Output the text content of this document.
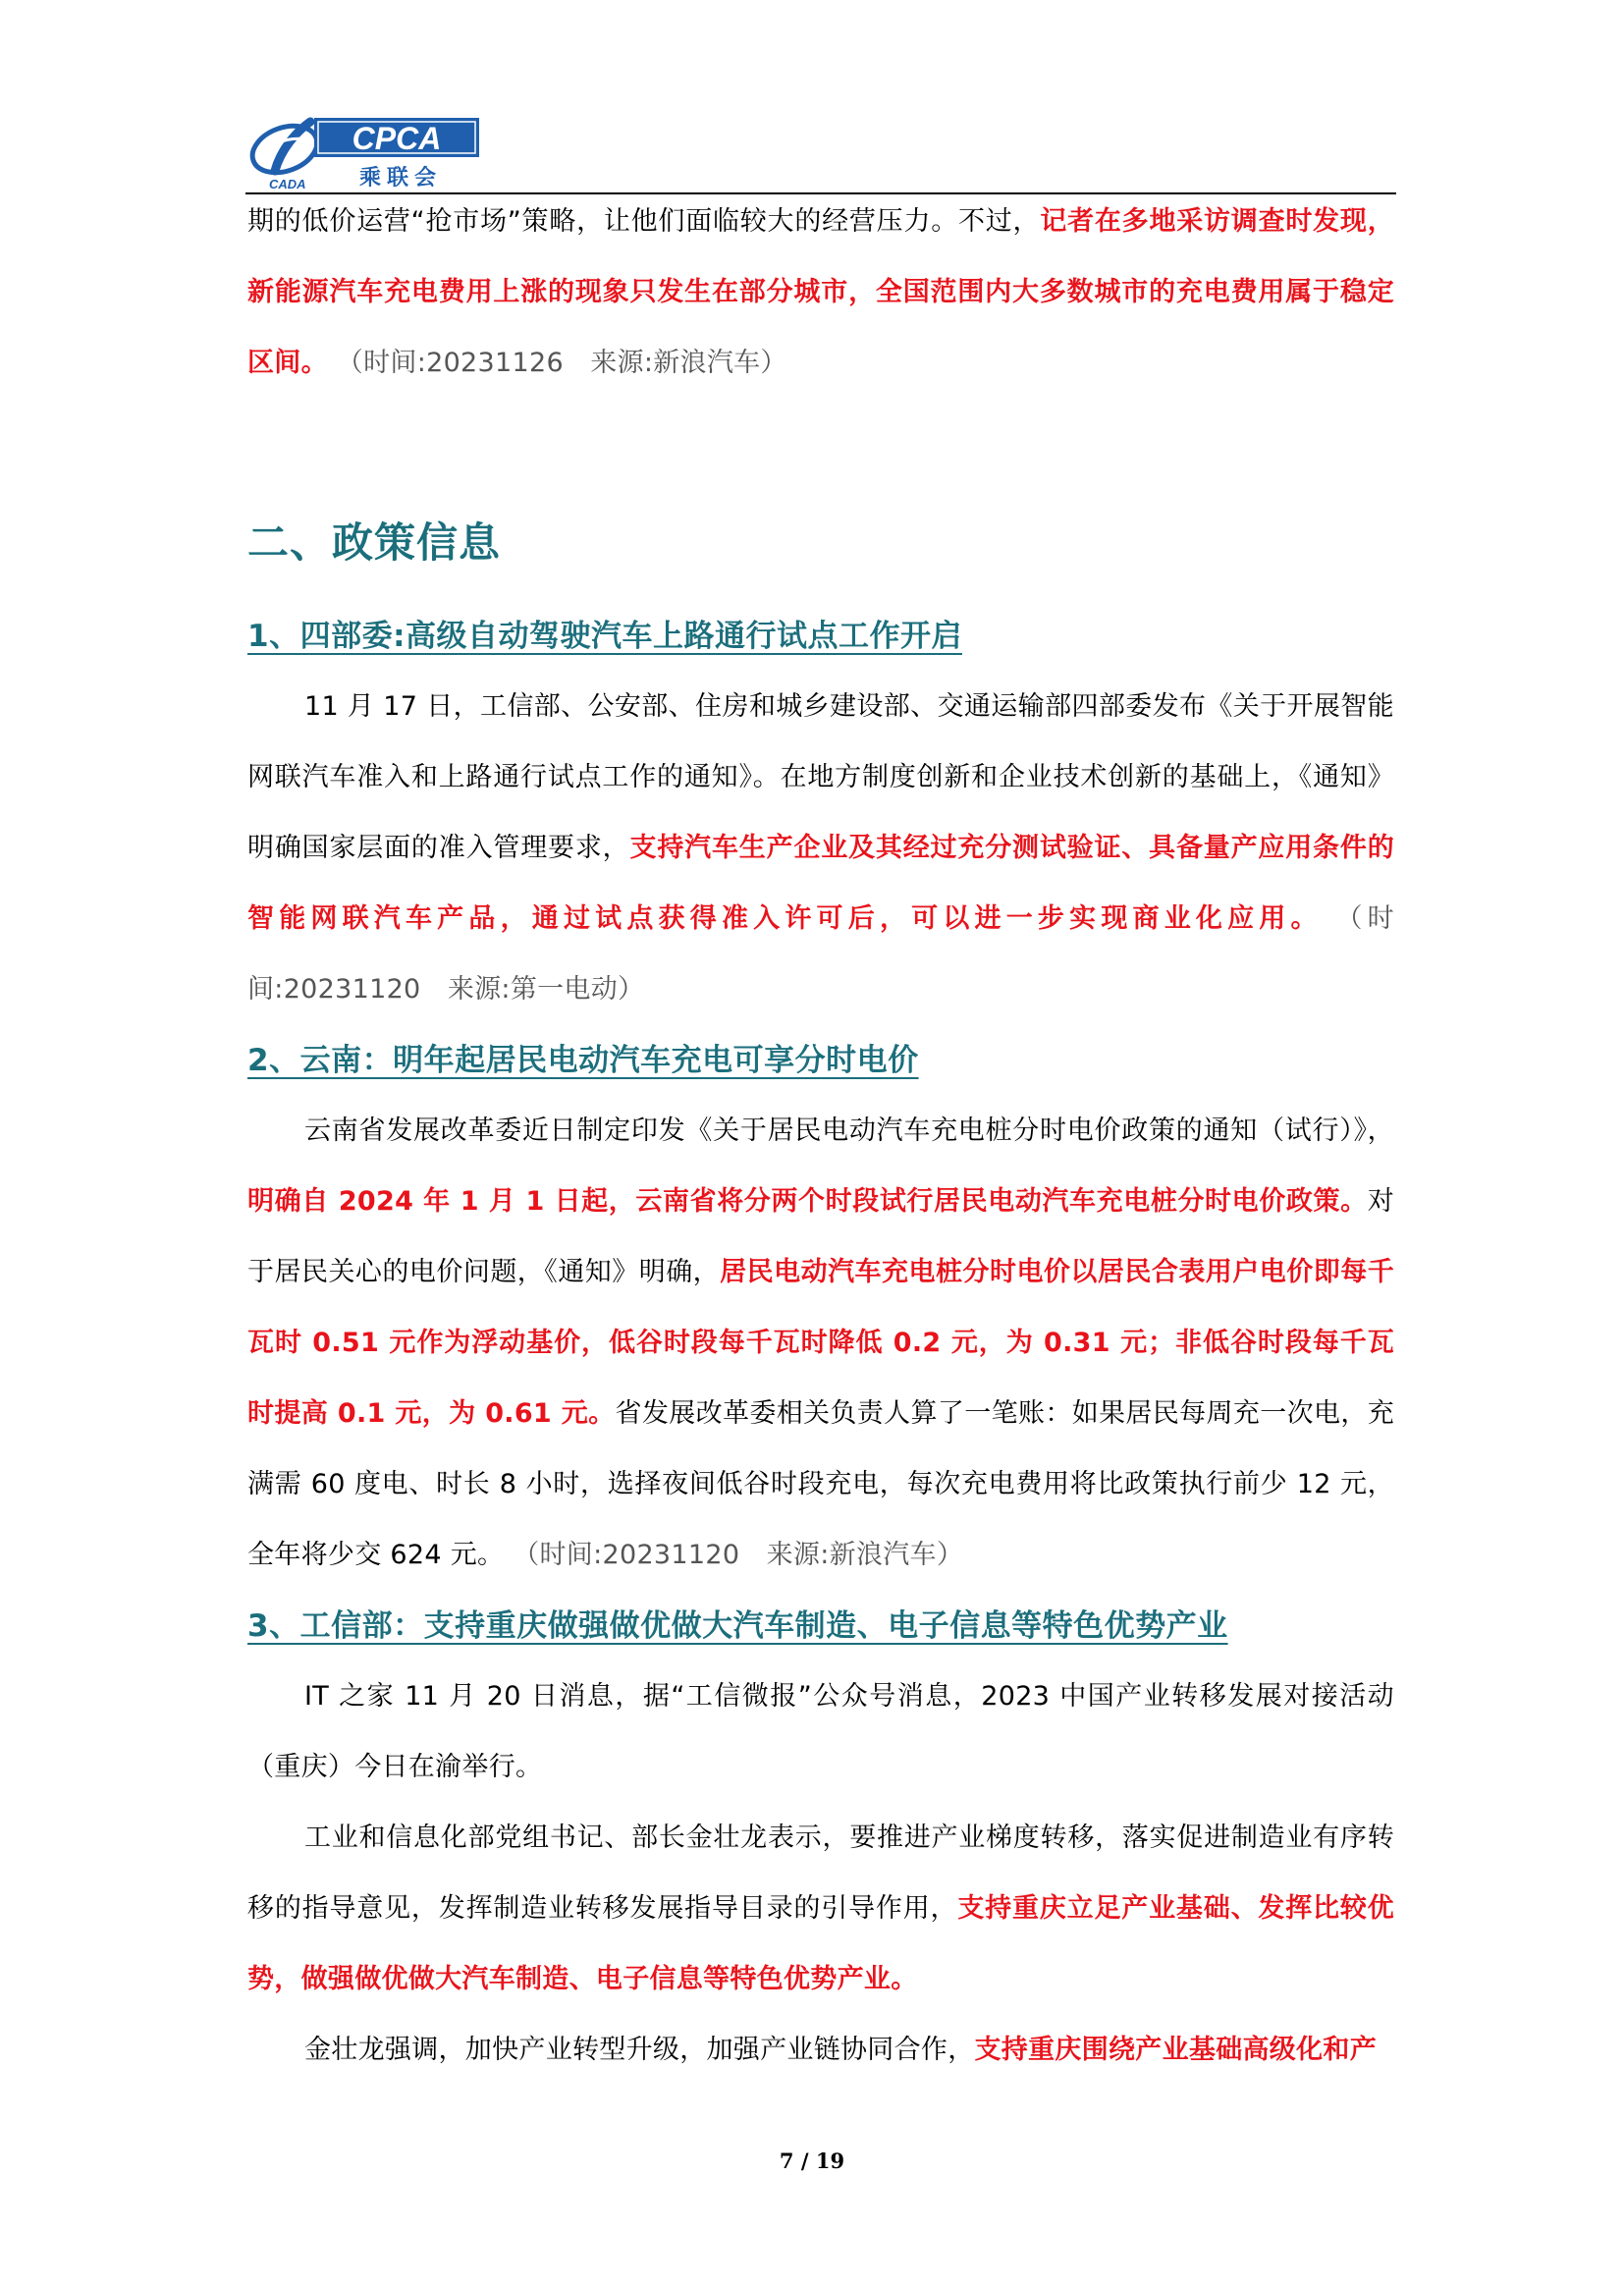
CPCA
乘联会
CADA

期的低价运营“抢市场”策略，让他们面临较大的经营压力。不过，记者在多地采访调查时发现，新能源汽车充电费用上涨的现象只发生在部分城市，全国范围内大多数城市的充电费用属于稳定区间。 （时间:20231126　来源:新浪汽车）

二、政策信息

1、四部委:高级自动驾驶汽车上路通行试点工作开启

11 月 17 日，工信部、公安部、住房和城乡建设部、交通运输部四部委发布《关于开展智能网联汽车准入和上路通行试点工作的通知》。在地方制度创新和企业技术创新的基础上，《通知》明确国家层面的准入管理要求，支持汽车生产企业及其经过充分测试验证、具备量产应用条件的智能网联汽车产品，通过试点获得准入许可后，可以进一步实现商业化应用。 （时间:20231120　来源:第一电动）

2、云南：明年起居民电动汽车充电可享分时电价

云南省发展改革委近日制定印发《关于居民电动汽车充电桩分时电价政策的通知（试行）》，明确自 2024 年 1 月 1 日起，云南省将分两个时段试行居民电动汽车充电桩分时电价政策。对于居民关心的电价问题，《通知》明确，居民电动汽车充电桩分时电价以居民合表用户电价即每千瓦时 0.51 元作为浮动基价，低谷时段每千瓦时降低 0.2 元，为 0.31 元；非低谷时段每千瓦时提高 0.1 元，为 0.61 元。省发展改革委相关负责人算了一笔账：如果居民每周充一次电，充满需 60 度电、时长 8 小时，选择夜间低谷时段充电，每次充电费用将比政策执行前少 12 元，全年将少交 624 元。 （时间:20231120　来源:新浪汽车）

3、工信部：支持重庆做强做优做大汽车制造、电子信息等特色优势产业

IT 之家 11 月 20 日消息，据“工信微报”公众号消息，2023 中国产业转移发展对接活动（重庆）今日在渝举行。

工业和信息化部党组书记、部长金壮龙表示，要推进产业梯度转移，落实促进制造业有序转移的指导意见，发挥制造业转移发展指导目录的引导作用，支持重庆立足产业基础、发挥比较优势，做强做优做大汽车制造、电子信息等特色优势产业。

金壮龙强调，加快产业转型升级，加强产业链协同合作，支持重庆围绕产业基础高级化和产

7 / 19
